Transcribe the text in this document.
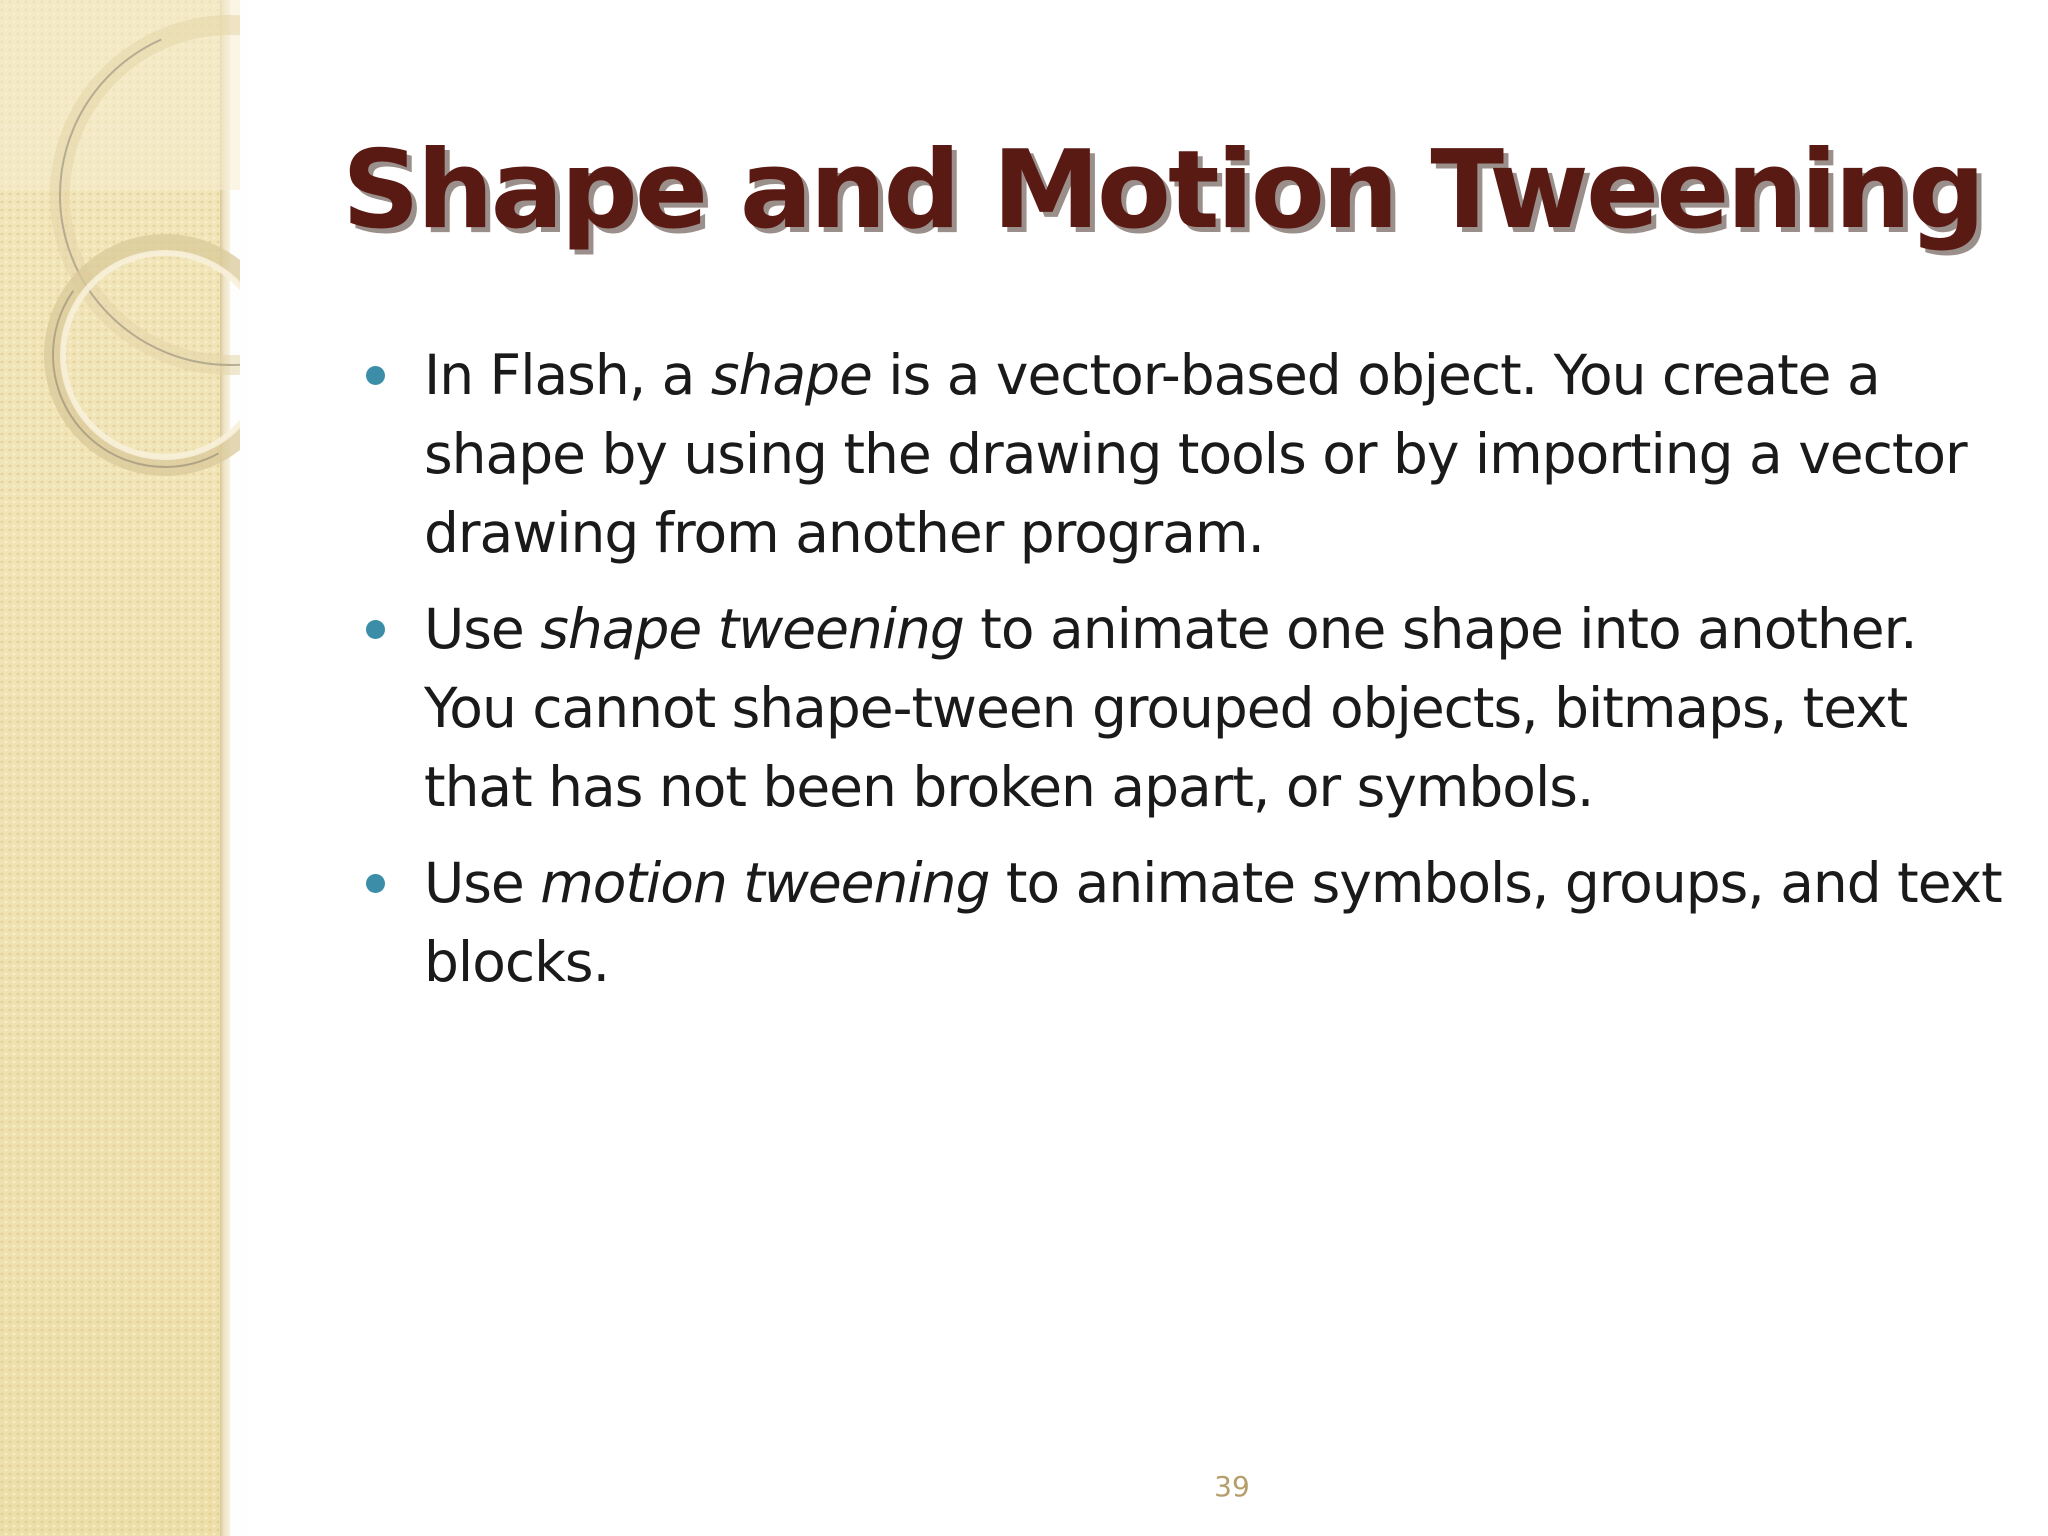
Shape and Motion Tweening
In Flash, a shape is a vector-based object. You create a shape by using the drawing tools or by importing a vector drawing from another program.
Use shape tweening to animate one shape into another. You cannot shape-tween grouped objects, bitmaps, text that has not been broken apart, or symbols.
Use motion tweening to animate symbols, groups, and text blocks.
39
